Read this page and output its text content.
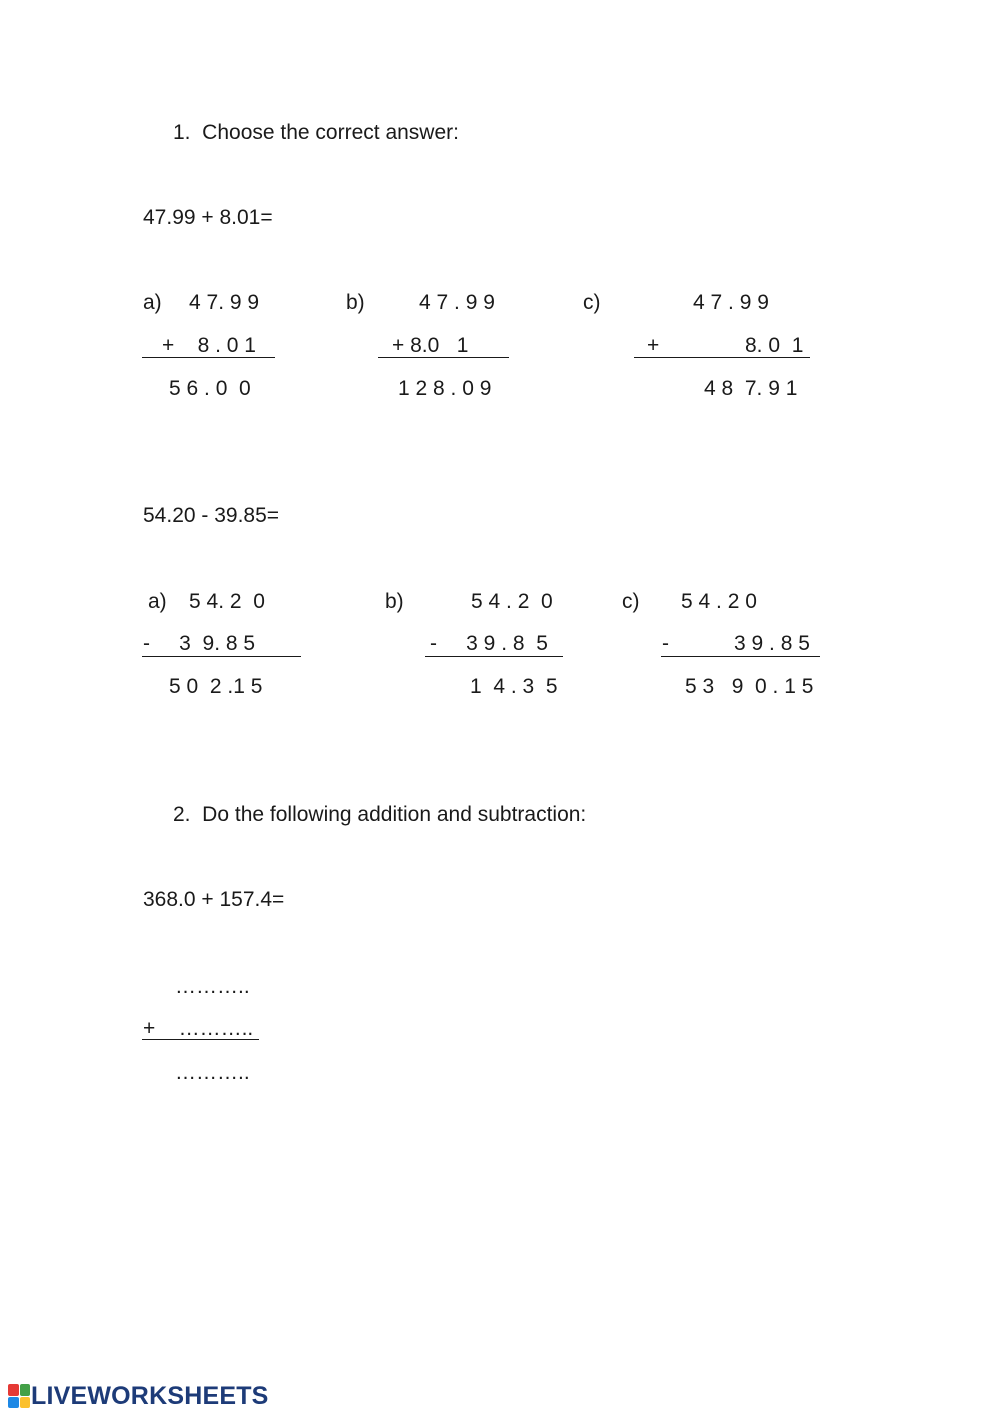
1.  Choose the correct answer:
47.99 + 8.01=
a) 4 7. 9 9
+    8 . 0 1
5 6 . 0  0
b)	4 7 . 9 9
+ 8.0   1
1 2 8 . 0 9
c)	4 7 . 9 9
+	8. 0  1
4 8  7. 9 1
54.20 - 39.85=
a) 5 4. 2  0
-     3  9. 8 5
5 0  2 .1 5
b)	5 4 . 2  0
-     3 9 . 8  5
1  4 . 3  5
c) 5 4 . 2 0
-	3 9 . 8 5
5 3   9  0 . 1 5
2.  Do the following addition and subtraction:
368.0 + 157.4=
………..
+    ………..
………..
LIVEWORKSHEETS
